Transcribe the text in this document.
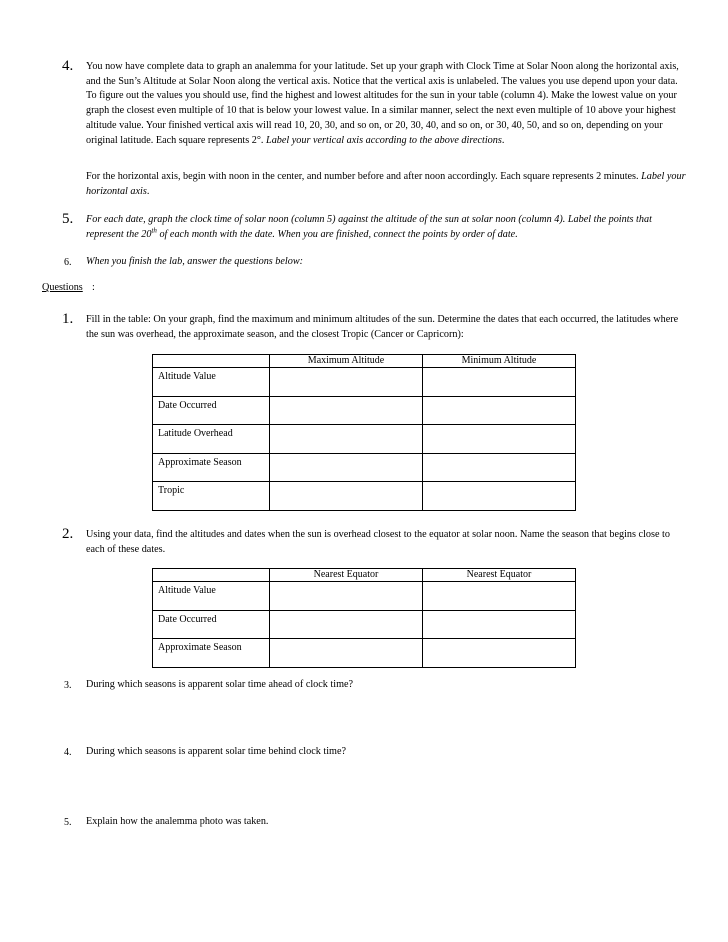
4. You now have complete data to graph an analemma for your latitude. Set up your graph with Clock Time at Solar Noon along the horizontal axis, and the Sun’s Altitude at Solar Noon along the vertical axis. Notice that the vertical axis is unlabeled. The values you use depend upon your data. To figure out the values you should use, find the highest and lowest altitudes for the sun in your table (column 4). Make the lowest value on your graph the closest even multiple of 10 that is below your lowest value. In a similar manner, select the next even multiple of 10 above your highest altitude value. Your finished vertical axis will read 10, 20, 30, and so on, or 20, 30, 40, and so on, or 30, 40, 50, and so on, depending on your original latitude. Each square represents 2°. Label your vertical axis according to the above directions.
For the horizontal axis, begin with noon in the center, and number before and after noon accordingly. Each square represents 2 minutes. Label your horizontal axis.
5. For each date, graph the clock time of solar noon (column 5) against the altitude of the sun at solar noon (column 4). Label the points that represent the 20th of each month with the date. When you are finished, connect the points by order of date.
6. When you finish the lab, answer the questions below:
Questions :
1. Fill in the table: On your graph, find the maximum and minimum altitudes of the sun. Determine the dates that each occurred, the latitudes where the sun was overhead, the approximate season, and the closest Tropic (Cancer or Capricorn):
	Maximum Altitude	Minimum Altitude
Altitude Value		
Date Occurred		
Latitude Overhead		
Approximate Season		
Tropic		
2. Using your data, find the altitudes and dates when the sun is overhead closest to the equator at solar noon. Name the season that begins close to each of these dates.
	Nearest Equator	Nearest Equator
Altitude Value		
Date Occurred		
Approximate Season		
3. During which seasons is apparent solar time ahead of clock time?
4. During which seasons is apparent solar time behind clock time?
5. Explain how the analemma photo was taken.
